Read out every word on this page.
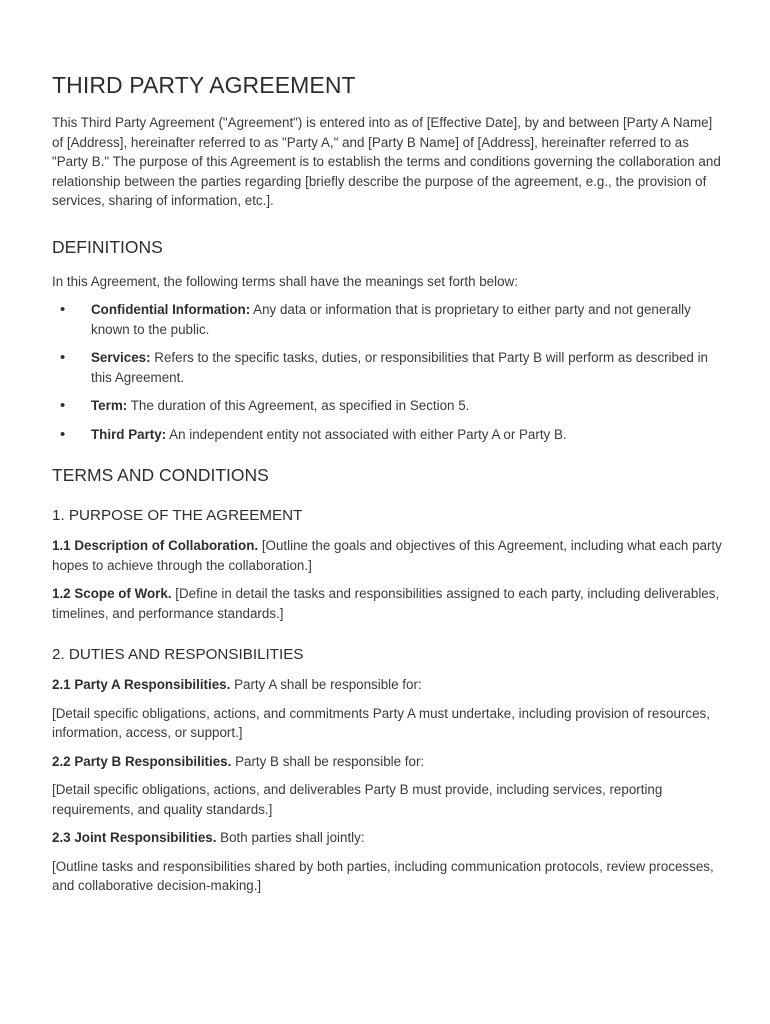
THIRD PARTY AGREEMENT

This Third Party Agreement ("Agreement") is entered into as of [Effective Date], by and between [Party A Name] of [Address], hereinafter referred to as "Party A," and [Party B Name] of [Address], hereinafter referred to as "Party B." The purpose of this Agreement is to establish the terms and conditions governing the collaboration and relationship between the parties regarding [briefly describe the purpose of the agreement, e.g., the provision of services, sharing of information, etc.].

DEFINITIONS

In this Agreement, the following terms shall have the meanings set forth below:

• Confidential Information: Any data or information that is proprietary to either party and not generally known to the public.
• Services: Refers to the specific tasks, duties, or responsibilities that Party B will perform as described in this Agreement.
• Term: The duration of this Agreement, as specified in Section 5.
• Third Party: An independent entity not associated with either Party A or Party B.
TERMS AND CONDITIONS
1. PURPOSE OF THE AGREEMENT

1.1 Description of Collaboration. [Outline the goals and objectives of this Agreement, including what each party hopes to achieve through the collaboration.]

1.2 Scope of Work. [Define in detail the tasks and responsibilities assigned to each party, including deliverables, timelines, and performance standards.]

2. DUTIES AND RESPONSIBILITIES

2.1 Party A Responsibilities. Party A shall be responsible for:

[Detail specific obligations, actions, and commitments Party A must undertake, including provision of resources, information, access, or support.]

2.2 Party B Responsibilities. Party B shall be responsible for:

[Detail specific obligations, actions, and deliverables Party B must provide, including services, reporting requirements, and quality standards.]

2.3 Joint Responsibilities. Both parties shall jointly:

[Outline tasks and responsibilities shared by both parties, including communication protocols, review processes, and collaborative decision-making.]
